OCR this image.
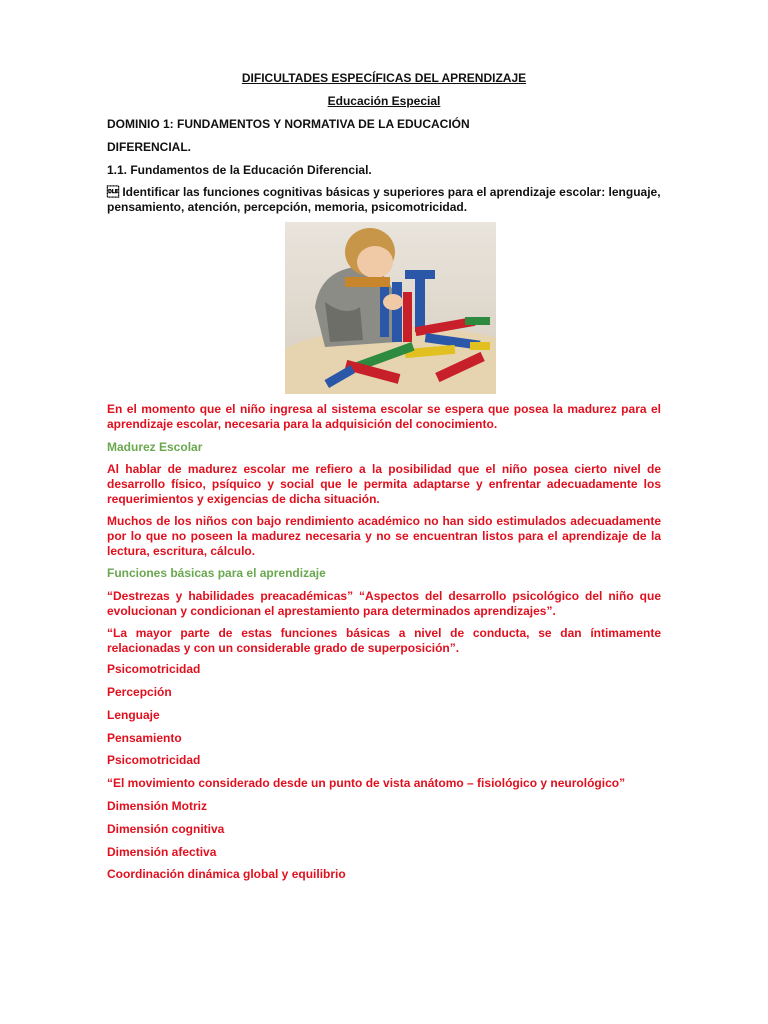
DIFICULTADES ESPECÍFICAS DEL APRENDIZAJE
Educación Especial
DOMINIO 1: FUNDAMENTOS Y NORMATIVA DE LA EDUCACIÓN
DIFERENCIAL.
1.1. Fundamentos de la Educación Diferencial.
 Identificar las funciones cognitivas básicas y superiores para el aprendizaje escolar: lenguaje, pensamiento, atención, percepción, memoria, psicomotricidad.
En el momento que el niño ingresa al sistema escolar se espera que posea la madurez para el aprendizaje escolar, necesaria para la adquisición del conocimiento.
Madurez Escolar
Al hablar de madurez escolar me refiero a la posibilidad que el niño posea cierto nivel de desarrollo físico, psíquico y social que le permita adaptarse y enfrentar adecuadamente los requerimientos y exigencias de dicha situación.
Muchos de los niños con bajo rendimiento académico no han sido estimulados adecuadamente por lo que no poseen la madurez necesaria y no se encuentran listos para el aprendizaje de la lectura, escritura, cálculo.
Funciones básicas para el aprendizaje
“Destrezas y habilidades preacadémicas” “Aspectos del desarrollo psicológico del niño que evolucionan y condicionan el aprestamiento para determinados aprendizajes”.
“La mayor parte de estas funciones básicas a nivel de conducta, se dan íntimamente relacionadas y con un considerable grado de superposición”.
Psicomotricidad
Percepción
Lenguaje
Pensamiento
Psicomotricidad
“El movimiento considerado desde un punto de vista anátomo – fisiológico y neurológico”
Dimensión Motriz
Dimensión cognitiva
Dimensión afectiva
Coordinación dinámica global y equilibrio
